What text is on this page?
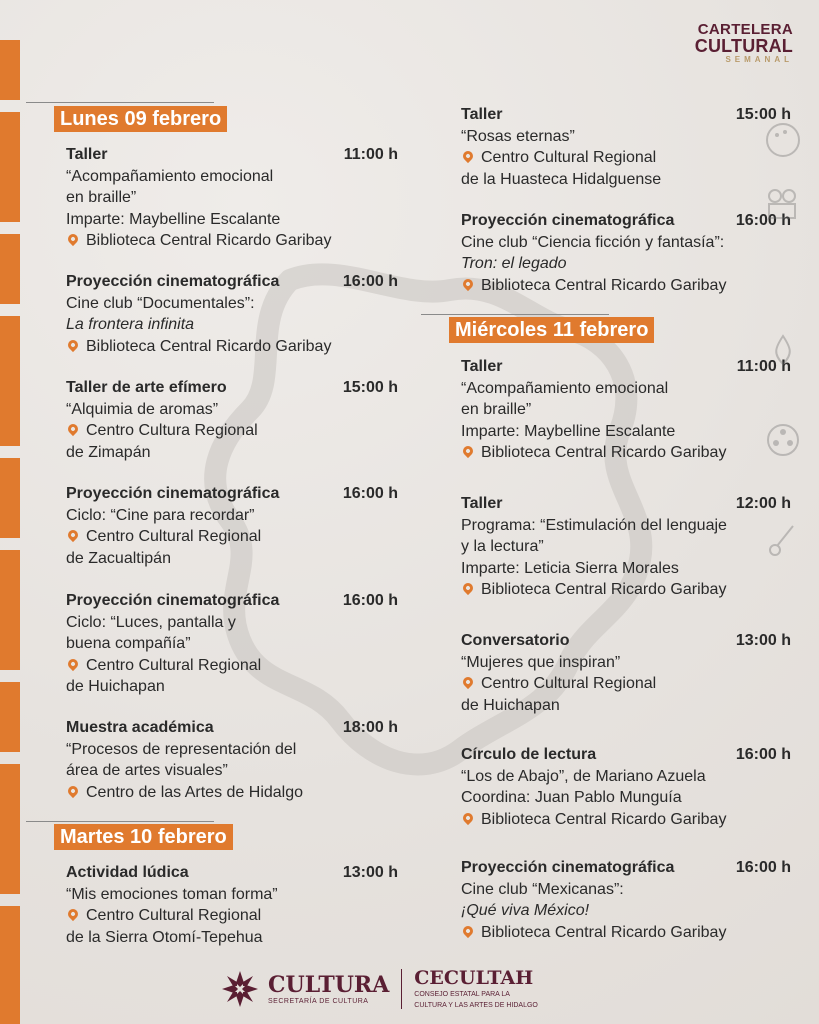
CARTELERA
CULTURAL
SEMANAL
Lunes 09 febrero
Martes 10 febrero
Miércoles 11 febrero
Taller	11:00 h
“Acompañamiento emocional
en braille”
Imparte: Maybelline Escalante
Biblioteca Central Ricardo Garibay
Proyección cinematográfica	16:00 h
Cine club “Documentales”:
La frontera infinita
Biblioteca Central Ricardo Garibay
Taller de arte efímero	15:00 h
“Alquimia de aromas”
Centro Cultura Regional
de Zimapán
Proyección cinematográfica	16:00 h
Ciclo: “Cine para recordar”
Centro Cultural Regional
de Zacualtipán
Proyección cinematográfica	16:00 h
Ciclo: “Luces, pantalla y
buena compañía”
Centro Cultural Regional
de Huichapan
Muestra académica	18:00 h
“Procesos de representación del
área de artes visuales”
Centro de las Artes de Hidalgo
Actividad lúdica	13:00 h
“Mis emociones toman forma”
Centro Cultural Regional
de la Sierra Otomí-Tepehua
Taller	15:00 h
“Rosas eternas”
Centro Cultural Regional
de la Huasteca Hidalguense
Proyección cinematográfica	16:00 h
Cine club “Ciencia ficción y fantasía”:
Tron: el legado
Biblioteca Central Ricardo Garibay
Taller	11:00 h
“Acompañamiento emocional
en braille”
Imparte: Maybelline Escalante
Biblioteca Central Ricardo Garibay
Taller	12:00 h
Programa: “Estimulación del lenguaje
y la lectura”
Imparte: Leticia Sierra Morales
Biblioteca Central Ricardo Garibay
Conversatorio	13:00 h
“Mujeres que inspiran”
Centro Cultural Regional
de Huichapan
Círculo de lectura	16:00 h
“Los de Abajo”, de Mariano Azuela
Coordina: Juan Pablo Munguía
Biblioteca Central Ricardo Garibay
Proyección cinematográfica	16:00 h
Cine club “Mexicanas”:
¡Qué viva México!
Biblioteca Central Ricardo Garibay
CULTURA
SECRETARÍA DE CULTURA
CECULTAH
CONSEJO ESTATAL PARA LA
CULTURA Y LAS ARTES DE HIDALGO
